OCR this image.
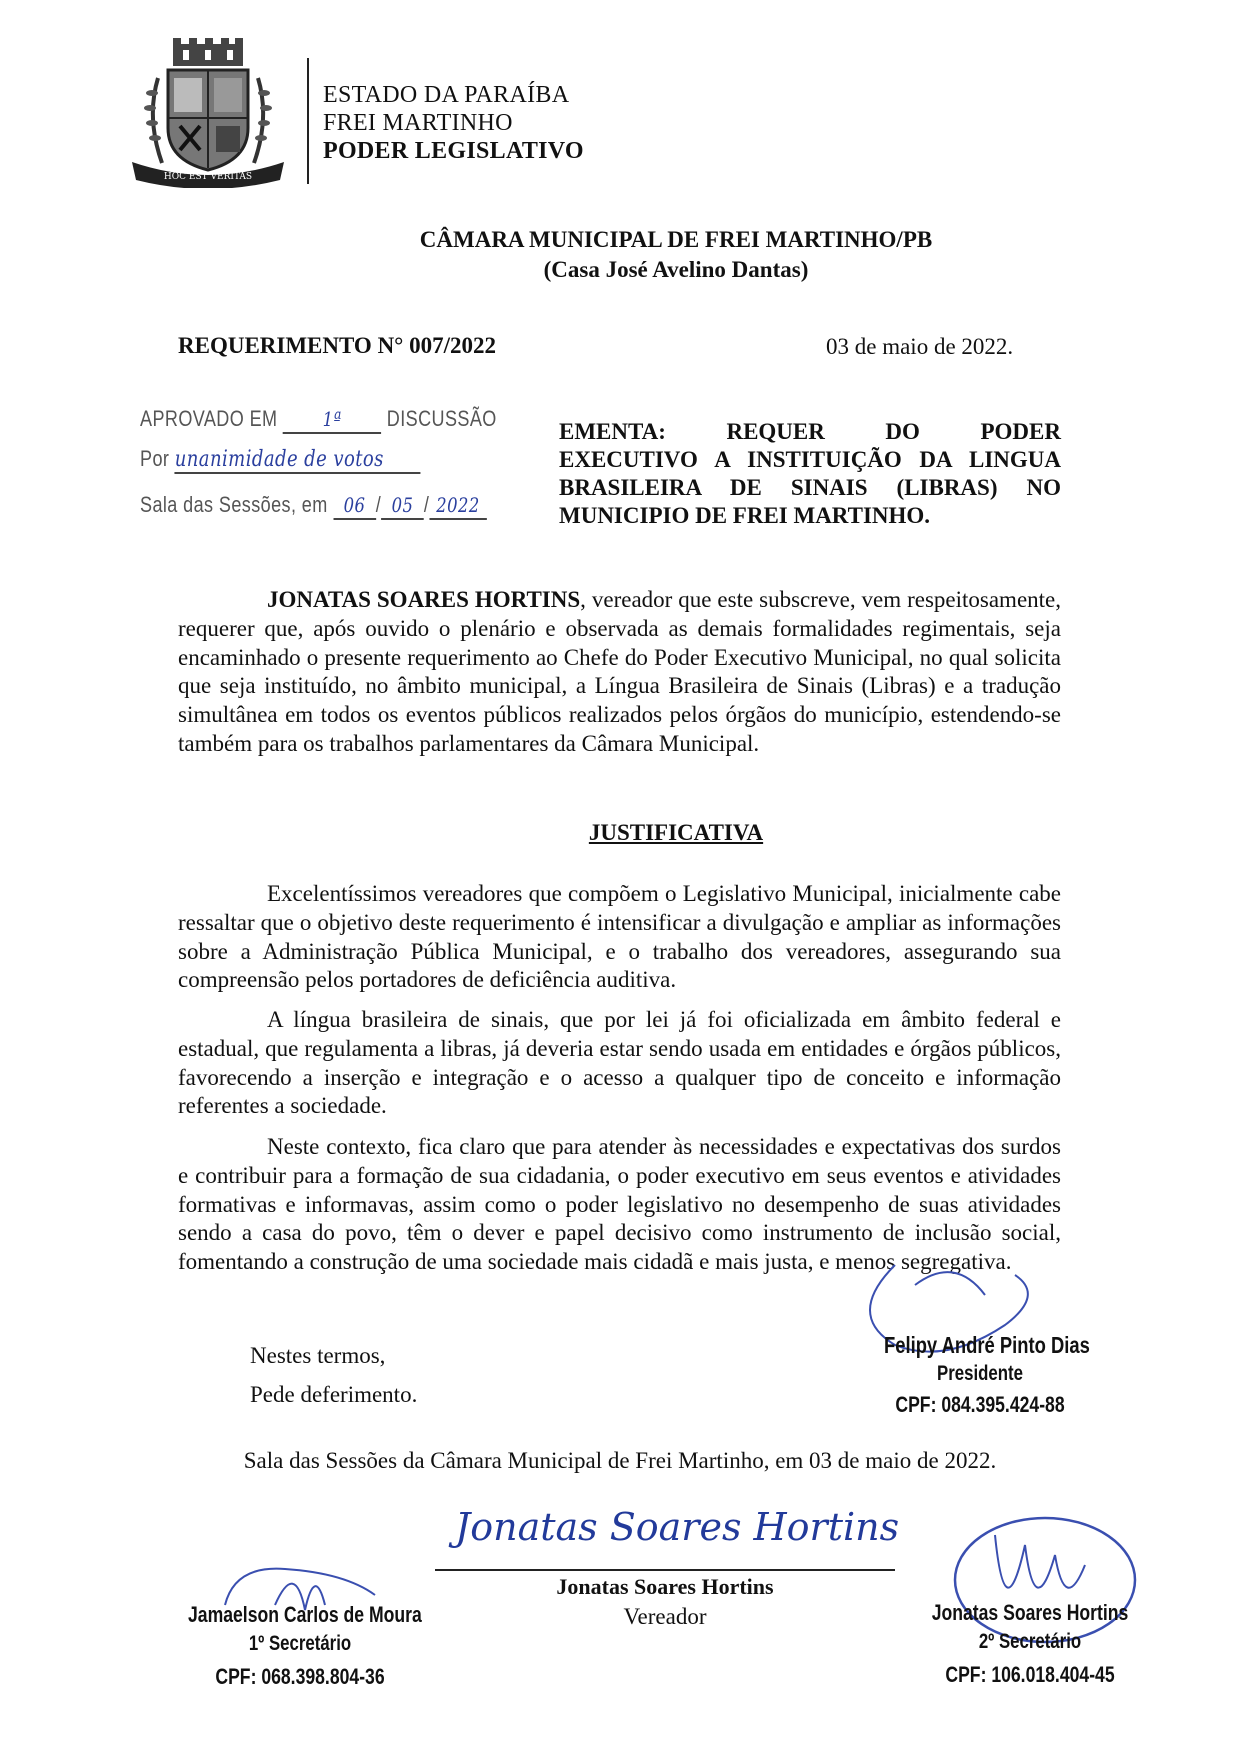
HOC EST VERITAS
ESTADO DA PARAÍBA
FREI MARTINHO
PODER LEGISLATIVO
CÂMARA MUNICIPAL DE FREI MARTINHO/PB
(Casa José Avelino Dantas)
REQUERIMENTO N° 007/2022	03 de maio de 2022.
APROVADO EM 1ª DISCUSSÃO
Por unanimidade de votos
Sala das Sessões, em 06 / 05 / 2022
EMENTA: REQUER DO PODER
EXECUTIVO A INSTITUIÇÃO DA LINGUA
BRASILEIRA DE SINAIS (LIBRAS) NO
MUNICIPIO DE FREI MARTINHO.
JONATAS SOARES HORTINS, vereador que este subscreve, vem respeitosamente, requerer que, após ouvido o plenário e observada as demais formalidades regimentais, seja encaminhado o presente requerimento ao Chefe do Poder Executivo Municipal, no qual solicita que seja instituído, no âmbito municipal, a Língua Brasileira de Sinais (Libras) e a tradução simultânea em todos os eventos públicos realizados pelos órgãos do município, estendendo-se também para os trabalhos parlamentares da Câmara Municipal.
JUSTIFICATIVA
Excelentíssimos vereadores que compõem o Legislativo Municipal, inicialmente cabe ressaltar que o objetivo deste requerimento é intensificar a divulgação e ampliar as informações sobre a Administração Pública Municipal, e o trabalho dos vereadores, assegurando sua compreensão pelos portadores de deficiência auditiva.
A língua brasileira de sinais, que por lei já foi oficializada em âmbito federal e estadual, que regulamenta a libras, já deveria estar sendo usada em entidades e órgãos públicos, favorecendo a inserção e integração e o acesso a qualquer tipo de conceito e informação referentes a sociedade.
Neste contexto, fica claro que para atender às necessidades e expectativas dos surdos e contribuir para a formação de sua cidadania, o poder executivo em seus eventos e atividades formativas e informavas, assim como o poder legislativo no desempenho de suas atividades sendo a casa do povo, têm o dever e papel decisivo como instrumento de inclusão social, fomentando a construção de uma sociedade mais cidadã e mais justa, e menos segregativa.
Nestes termos,
Pede deferimento.
Sala das Sessões da Câmara Municipal de Frei Martinho, em 03 de maio de 2022.
Felipy André Pinto Dias
Presidente
CPF: 084.395.424-88
Jonatas Soares Hortins
Jonatas Soares Hortins
Vereador
Jamaelson Carlos de Moura
1º Secretário
CPF: 068.398.804-36
Jonatas Soares Hortins
2º Secretário
CPF: 106.018.404-45
